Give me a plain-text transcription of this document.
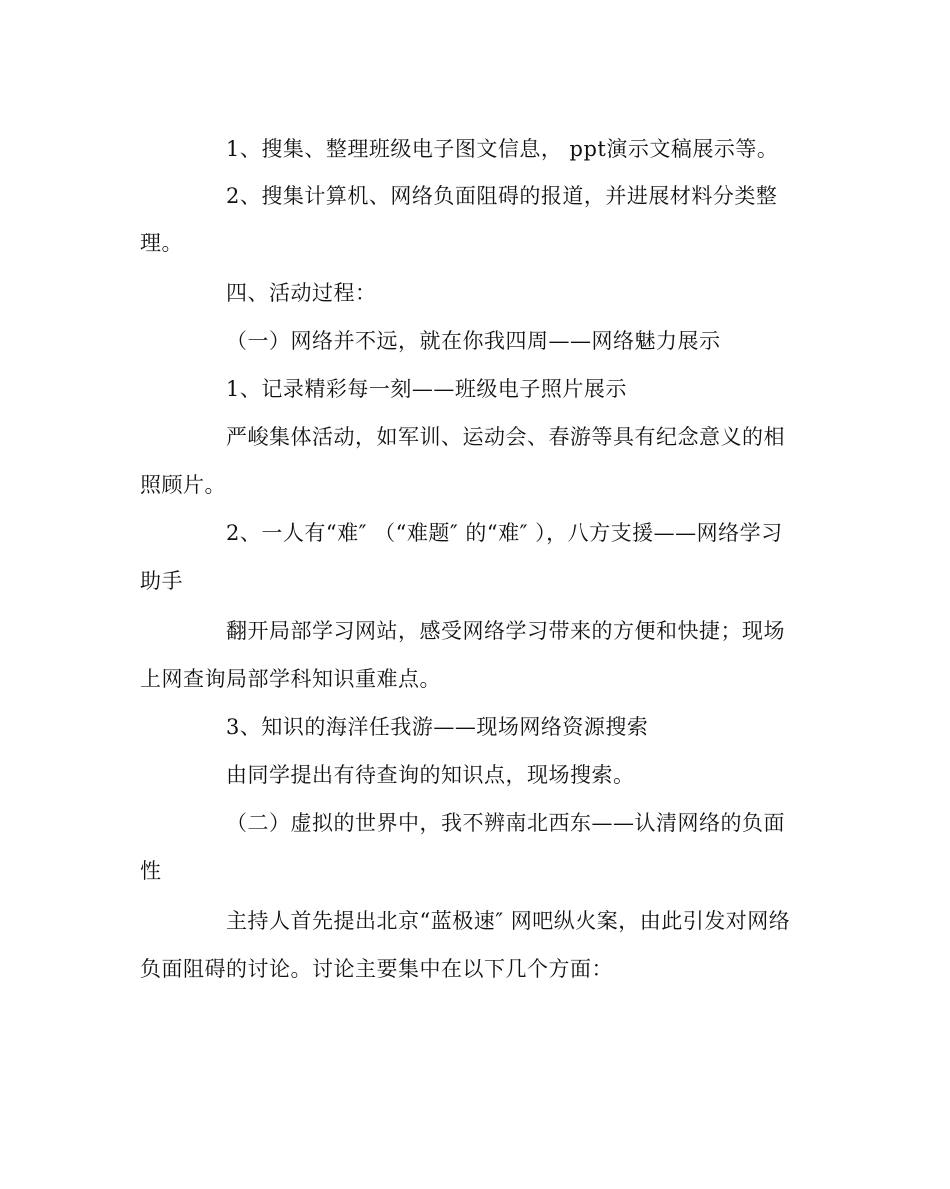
1、搜集、整理班级电子图文信息， ppt演示文稿展示等。
2、搜集计算机、网络负面阻碍的报道，并进展材料分类整
理。
四、活动过程：
（一）网络并不远，就在你我四周——网络魅力展示
1、记录精彩每一刻——班级电子照片展示
严峻集体活动，如军训、运动会、春游等具有纪念意义的相
照顾片。
2、一人有“难″ （“难题″ 的“难″ ），八方支援——网络学习
助手
翻开局部学习网站，感受网络学习带来的方便和快捷；现场
上网查询局部学科知识重难点。
3、知识的海洋任我游——现场网络资源搜索
由同学提出有待查询的知识点，现场搜索。
（二）虚拟的世界中，我不辨南北西东——认清网络的负面
性
主持人首先提出北京“蓝极速″ 网吧纵火案，由此引发对网络
负面阻碍的讨论。讨论主要集中在以下几个方面：
